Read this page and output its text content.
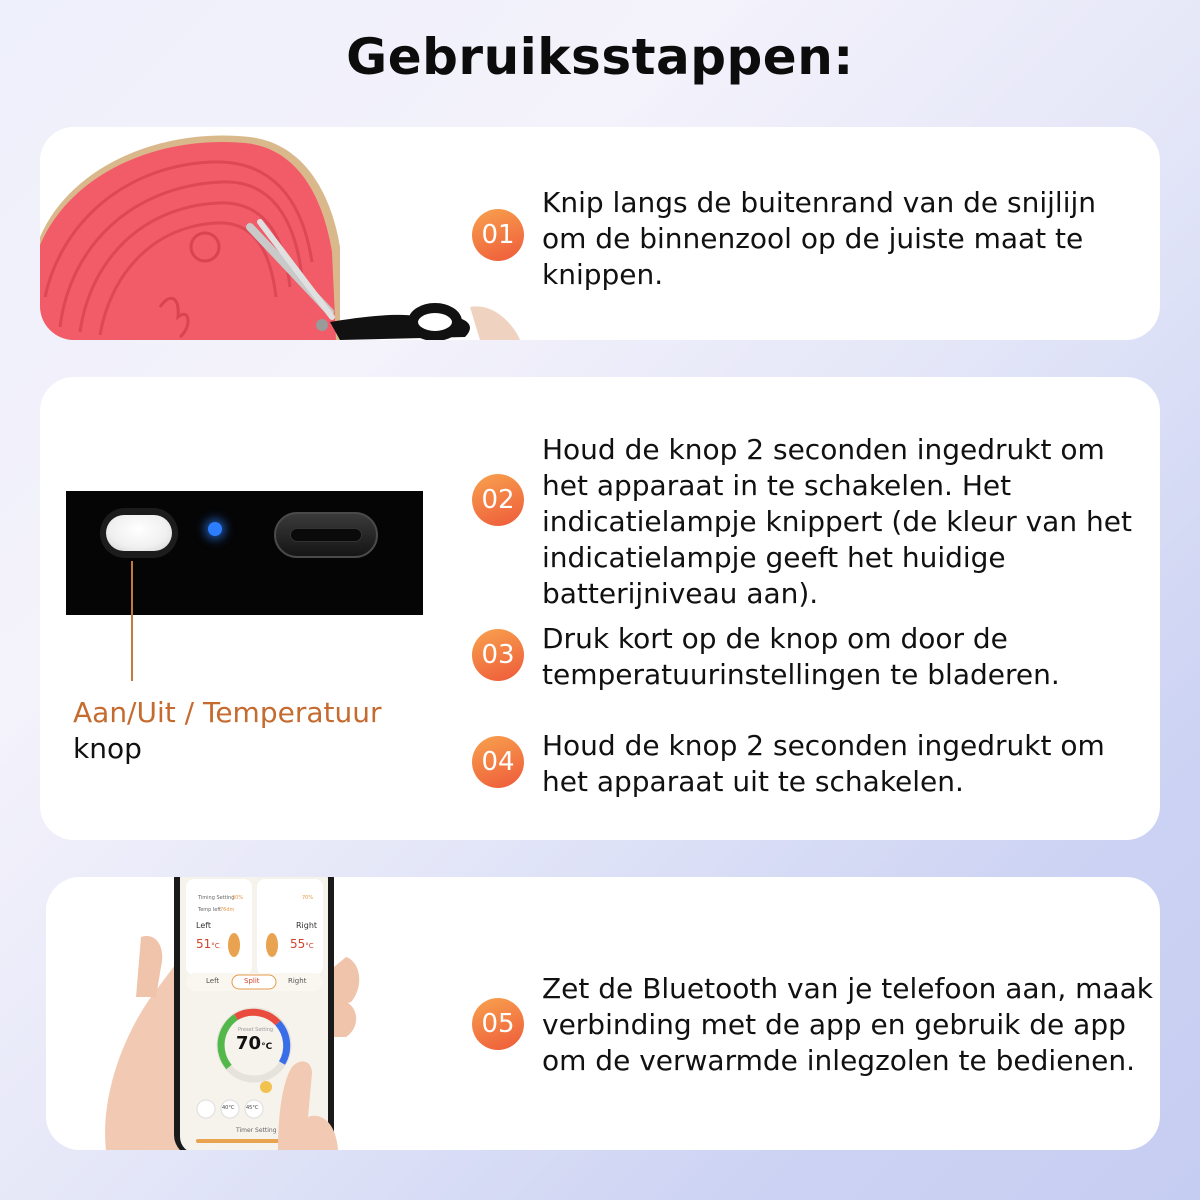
Gebruiksstappen:
01
Knip langs de buitenrand van de snijlijn om de binnenzool op de juiste maat te knippen.
Aan/Uit / Temperatuur
knop
02
Houd de knop 2 seconden ingedrukt om het apparaat in te schakelen. Het indicatielampje knippert (de kleur van het indicatielampje geeft het huidige batterijniveau aan).
03 Druk kort op de knop om door de temperatuurinstellingen te bladeren.
04 Houd de knop 2 seconden ingedrukt om het apparaat uit te schakelen.
Left	Right
51°C	55°C
Timing Setting
30%	70%
Temp left
76dm
Left	Split	Right
Preset Setting
70°C
40°C 45°C
Timer Setting
05
Zet de Bluetooth van je telefoon aan, maak verbinding met de app en gebruik de app om de verwarmde inlegzolen te bedienen.
